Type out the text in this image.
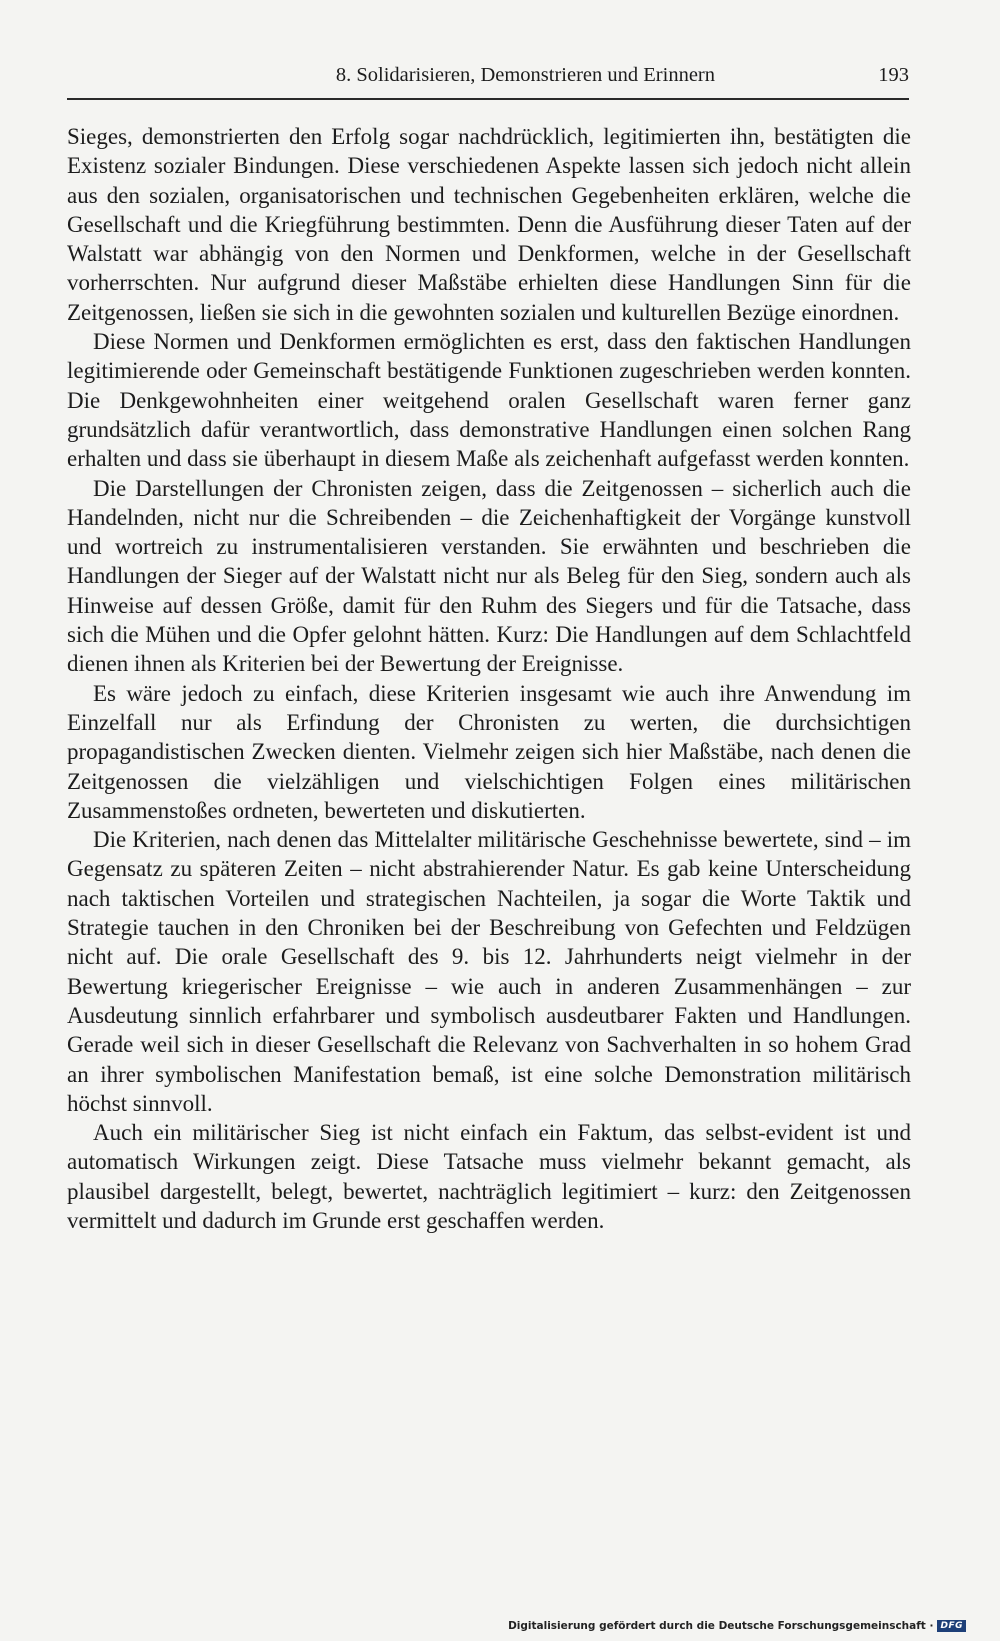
8. Solidarisieren, Demonstrieren und Erinnern	193

Sieges, demonstrierten den Erfolg sogar nachdrücklich, legitimierten ihn, bestätigten die Existenz sozialer Bindungen. Diese verschiedenen Aspekte lassen sich jedoch nicht allein aus den sozialen, organisatorischen und technischen Gegebenheiten erklären, welche die Gesellschaft und die Kriegführung bestimmten. Denn die Ausführung dieser Taten auf der Walstatt war abhängig von den Normen und Denkformen, welche in der Gesellschaft vorherrschten. Nur aufgrund dieser Maßstäbe erhielten diese Handlungen Sinn für die Zeitgenossen, ließen sie sich in die gewohnten sozialen und kulturellen Bezüge einordnen.

Diese Normen und Denkformen ermöglichten es erst, dass den faktischen Handlungen legitimierende oder Gemeinschaft bestätigende Funktionen zugeschrieben werden konnten. Die Denkgewohnheiten einer weitgehend oralen Gesellschaft waren ferner ganz grundsätzlich dafür verantwortlich, dass demonstrative Handlungen einen solchen Rang erhalten und dass sie überhaupt in diesem Maße als zeichenhaft aufgefasst werden konnten.

Die Darstellungen der Chronisten zeigen, dass die Zeitgenossen – sicherlich auch die Handelnden, nicht nur die Schreibenden – die Zeichenhaftigkeit der Vorgänge kunstvoll und wortreich zu instrumentalisieren verstanden. Sie erwähnten und beschrieben die Handlungen der Sieger auf der Walstatt nicht nur als Beleg für den Sieg, sondern auch als Hinweise auf dessen Größe, damit für den Ruhm des Siegers und für die Tatsache, dass sich die Mühen und die Opfer gelohnt hätten. Kurz: Die Handlungen auf dem Schlachtfeld dienen ihnen als Kriterien bei der Bewertung der Ereignisse.

Es wäre jedoch zu einfach, diese Kriterien insgesamt wie auch ihre Anwendung im Einzelfall nur als Erfindung der Chronisten zu werten, die durchsichtigen propagandistischen Zwecken dienten. Vielmehr zeigen sich hier Maßstäbe, nach denen die Zeitgenossen die vielzähligen und vielschichtigen Folgen eines militärischen Zusammenstoßes ordneten, bewerteten und diskutierten.

Die Kriterien, nach denen das Mittelalter militärische Geschehnisse bewertete, sind – im Gegensatz zu späteren Zeiten – nicht abstrahierender Natur. Es gab keine Unterscheidung nach taktischen Vorteilen und strategischen Nachteilen, ja sogar die Worte Taktik und Strategie tauchen in den Chroniken bei der Beschreibung von Gefechten und Feldzügen nicht auf. Die orale Gesellschaft des 9. bis 12. Jahrhunderts neigt vielmehr in der Bewertung kriegerischer Ereignisse – wie auch in anderen Zusammenhängen – zur Ausdeutung sinnlich erfahrbarer und symbolisch ausdeutbarer Fakten und Handlungen. Gerade weil sich in dieser Gesellschaft die Relevanz von Sachverhalten in so hohem Grad an ihrer symbolischen Manifestation bemaß, ist eine solche Demonstration militärisch höchst sinnvoll.

Auch ein militärischer Sieg ist nicht einfach ein Faktum, das selbst-evident ist und automatisch Wirkungen zeigt. Diese Tatsache muss vielmehr bekannt gemacht, als plausibel dargestellt, belegt, bewertet, nachträglich legitimiert – kurz: den Zeitgenossen vermittelt und dadurch im Grunde erst geschaffen werden.

Digitalisierung gefördert durch die Deutsche Forschungsgemeinschaft · DFG
